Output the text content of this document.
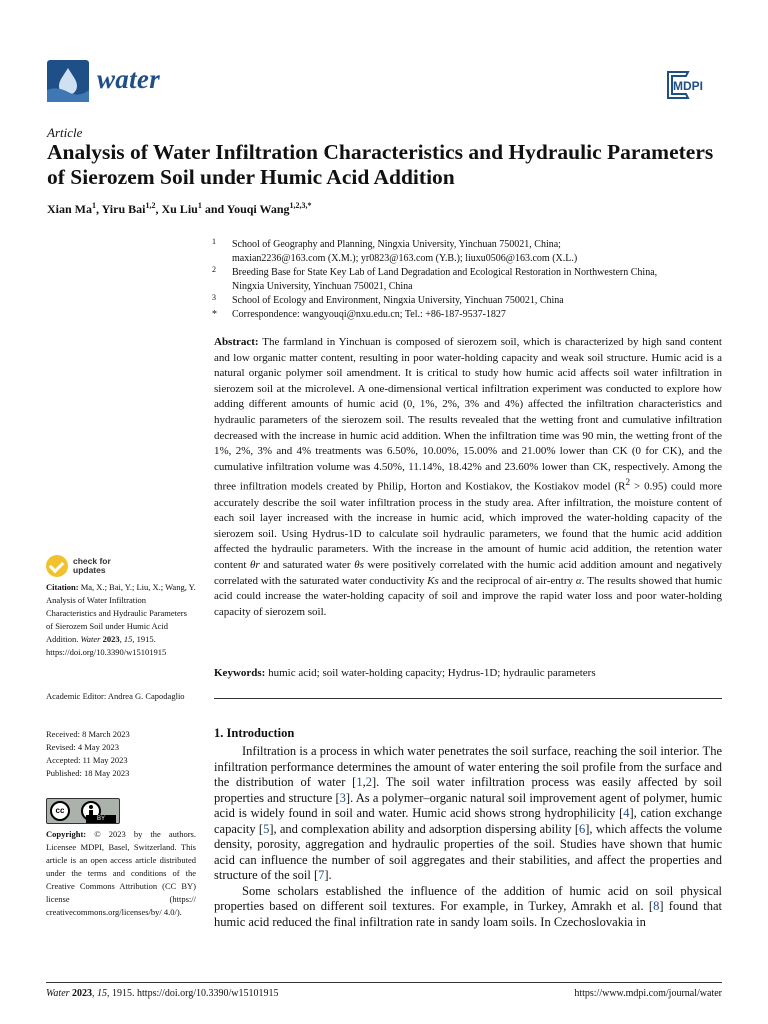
water	MDPI
Article
Analysis of Water Infiltration Characteristics and Hydraulic Parameters of Sierozem Soil under Humic Acid Addition
Xian Ma$^1$, Yiru Bai$^{1,2}$, Xu Liu$^1$ and Youqi Wang$^{1,2,3,*}$
1 School of Geography and Planning, Ningxia University, Yinchuan 750021, China;
maxian2236@163.com (X.M.); yr0823@163.com (Y.B.); liuxu0506@163.com (X.L.)
2 Breeding Base for State Key Lab of Land Degradation and Ecological Restoration in Northwestern China,
Ningxia University, Yinchuan 750021, China
3 School of Ecology and Environment, Ningxia University, Yinchuan 750021, China
* Correspondence: wangyouqi@nxu.edu.cn; Tel.: +86-187-9537-1827
Abstract: The farmland in Yinchuan is composed of sierozem soil, which is characterized by high sand content and low organic matter content, resulting in poor water-holding capacity and weak soil structure. Humic acid is a natural organic polymer soil amendment. It is critical to study how humic acid affects soil water infiltration in sierozem soil at the microlevel. A one-dimensional vertical infiltration experiment was conducted to explore how adding different amounts of humic acid (0, 1%, 2%, 3% and 4%) affected the infiltration characteristics and hydraulic parameters of the sierozem soil. The results revealed that the wetting front and cumulative infiltration decreased with the increase in humic acid addition. When the infiltration time was 90 min, the wetting front of the 1%, 2%, 3% and 4% treatments was 6.50%, 10.00%, 15.00% and 21.00% lower than CK (0 for CK), and the cumulative infiltration volume was 4.50%, 11.14%, 18.42% and 23.60% lower than CK, respectively. Among the three infiltration models created by Philip, Horton and Kostiakov, the Kostiakov model $(R^2 > 0.95)$ could more accurately describe the soil water infiltration process in the study area. After infiltration, the moisture content of each soil layer increased with the increase in humic acid, which improved the water-holding capacity of the sierozem soil. Using Hydrus-1D to calculate soil hydraulic parameters, we found that the humic acid addition affected the hydraulic parameters. With the increase in the amount of humic acid addition, the retention water content θr and saturated water θs were positively correlated with the humic acid addition amount and negatively correlated with the saturated water conductivity Ks and the reciprocal of air-entry α. The results showed that humic acid could increase the water-holding capacity of soil and improve the rapid water loss and poor water-holding capacity of sierozem soil.
Keywords: humic acid; soil water-holding capacity; Hydrus-1D; hydraulic parameters
check for
updates
Citation: Ma, X.; Bai, Y.; Liu, X.; Wang, Y. Analysis of Water Infiltration Characteristics and Hydraulic Parameters of Sierozem Soil under Humic Acid Addition. Water 2023, 15, 1915. https://doi.org/10.3390/w15101915
Academic Editor: Andrea G. Capodaglio
Received: 8 March 2023
Revised: 4 May 2023
Accepted: 11 May 2023
Published: 18 May 2023
cc
BY
Copyright: © 2023 by the authors. Licensee MDPI, Basel, Switzerland. This article is an open access article distributed under the terms and conditions of the Creative Commons Attribution (CC BY) license (https:// creativecommons.org/licenses/by/ 4.0/).
1. Introduction

Infiltration is a process in which water penetrates the soil surface, reaching the soil interior. The infiltration performance determines the amount of water entering the soil profile from the surface and the distribution of water [1,2]. The soil water infiltration process was easily affected by soil properties and structure [3]. As a polymer–organic natural soil improvement agent of polymer, humic acid is widely found in soil and water. Humic acid shows strong hydrophilicity [4], cation exchange capacity [5], and complexation ability and adsorption dispersing ability [6], which affects the volume density, porosity, aggregation and hydraulic properties of the soil. Studies have shown that humic acid can influence the number of soil aggregates and their stabilities, and affect the properties and structure of the soil [7].

Some scholars established the influence of the addition of humic acid on soil physical properties based on different soil textures. For example, in Turkey, Amrakh et al. [8] found that humic acid reduced the final infiltration rate in sandy loam soils. In Czechoslovakia in

Water 2023, 15, 1915. https://doi.org/10.3390/w15101915	https://www.mdpi.com/journal/water
